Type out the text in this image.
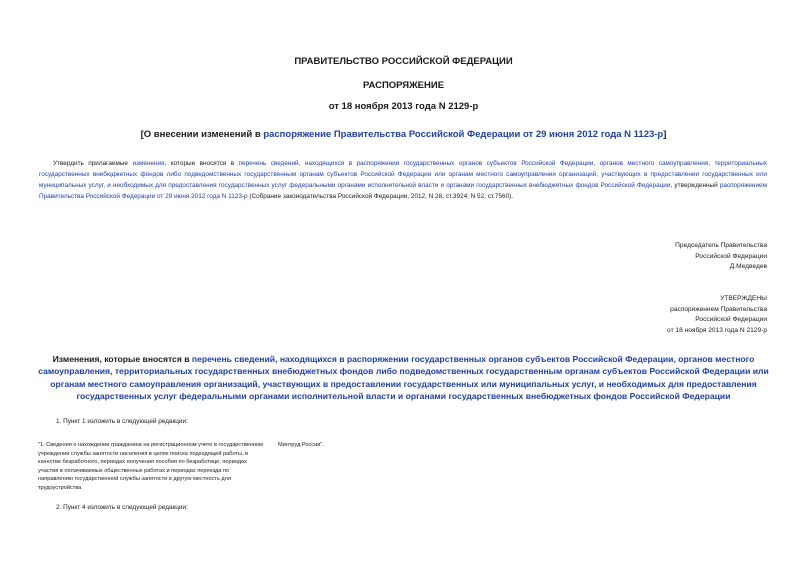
ПРАВИТЕЛЬСТВО РОССИЙСКОЙ ФЕДЕРАЦИИ
РАСПОРЯЖЕНИЕ
от 18 ноября 2013 года N 2129-р
[О внесении изменений в распоряжение Правительства Российской Федерации от 29 июня 2012 года N 1123-р]
Утвердить прилагаемые изменения, которые вносятся в перечень сведений, находящихся в распоряжении государственных органов субъектов Российской Федерации, органов местного самоуправления, территориальных государственных внебюджетных фондов либо подведомственных государственным органам субъектов Российской Федерации или органам местного самоуправления организаций, участвующих в предоставлении государственных или муниципальных услуг, и необходимых для предоставления государственных услуг федеральными органами исполнительной власти и органами государственных внебюджетных фондов Российской Федерации, утвержденный распоряжением Правительства Российской Федерации от 29 июня 2012 года N 1123-р (Собрание законодательства Российской Федерации, 2012, N 28, ст.3924; N 52, ст.7560).
Председатель Правительства
Российской Федерации
Д.Медведев
УТВЕРЖДЕНЫ
распоряжением Правительства
Российской Федерации
от 18 ноября 2013 года N 2129-р
Изменения, которые вносятся в перечень сведений, находящихся в распоряжении государственных органов субъектов Российской Федерации, органов местного самоуправления, территориальных государственных внебюджетных фондов либо подведомственных государственным органам субъектов Российской Федерации или органам местного самоуправления организаций, участвующих в предоставлении государственных или муниципальных услуг, и необходимых для предоставления государственных услуг федеральными органами исполнительной власти и органами государственных внебюджетных фондов Российской Федерации
1. Пункт 1 изложить в следующей редакции:
"1. Сведения о нахождении гражданина на регистрационном учете в государственном учреждении службы занятости населения в целях поиска подходящей работы, в качестве безработного, периодах получения пособия по безработице, периодах участия в оплачиваемых общественных работах и периодах переезда по направлению государственной службы занятости в другую местность для трудоустройства
Минтруд России".
2. Пункт 4 изложить в следующей редакции:
